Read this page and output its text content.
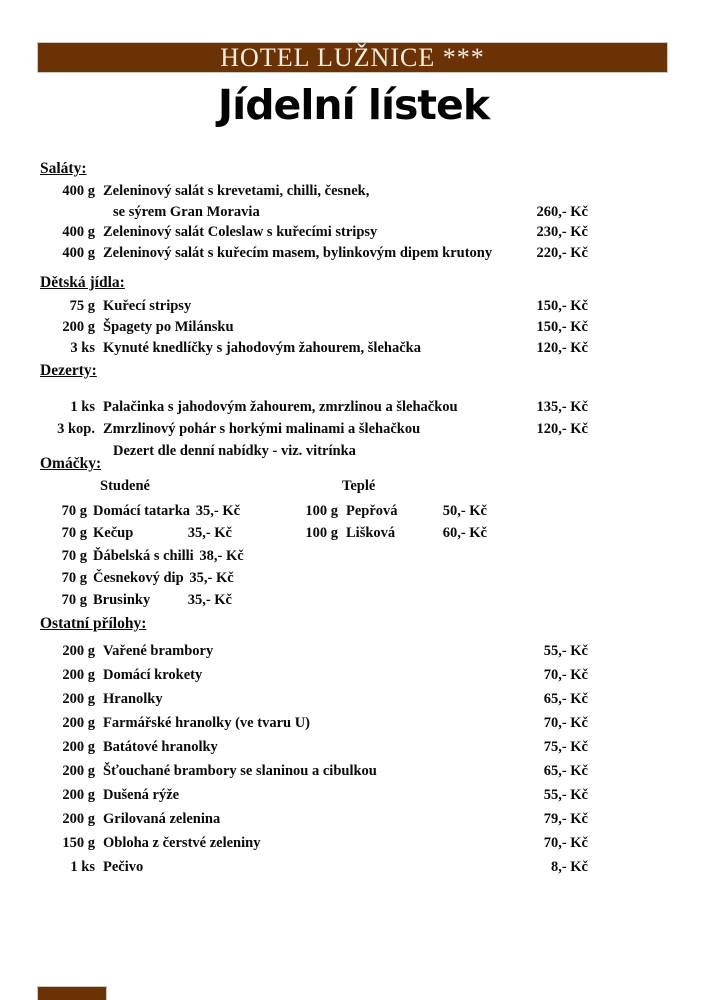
HOTEL LUŽNICE ***
Jídelní lístek
Saláty:
400 g Zeleninový salát s krevetami, chilli, česnek,
se sýrem Gran Moravia	260,- Kč
400 g Zeleninový salát Coleslaw s kuřecími stripsy	230,- Kč
400 g Zeleninový salát s kuřecím masem, bylinkovým dipem krutony	220,- Kč
Dětská jídla:
75 g Kuřecí stripsy	150,- Kč
200 g Špagety po Milánsku	150,- Kč
3 ks Kynuté knedlíčky s jahodovým žahourem, šlehačka	120,- Kč
Dezerty:
1 ks Palačinka s jahodovým žahourem, zmrzlinou a šlehačkou	135,- Kč
3 kop. Zmrzlinový pohár s horkými malinami a šlehačkou	120,- Kč
Dezert dle denní nabídky - viz. vitrínka
Omáčky:
Studené
70 g Domácí tatarka 35,- Kč
70 g Kečup	35,- Kč
70 g Ďábelská s chilli 38,- Kč
70 g Česnekový dip 35,- Kč
70 g Brusinky	35,- Kč
Teplé
100 g Pepřová	50,- Kč
100 g Lišková	60,- Kč
Ostatní přílohy:
200 g Vařené brambory	55,- Kč
200 g Domácí krokety	70,- Kč
200 g Hranolky	65,- Kč
200 g Farmářské hranolky (ve tvaru U)	70,- Kč
200 g Batátové hranolky	75,- Kč
200 g Šťouchané brambory se slaninou a cibulkou	65,- Kč
200 g Dušená rýže	55,- Kč
200 g Grilovaná zelenina	79,- Kč
150 g Obloha z čerstvé zeleniny	70,- Kč
1 ks Pečivo	8,- Kč
